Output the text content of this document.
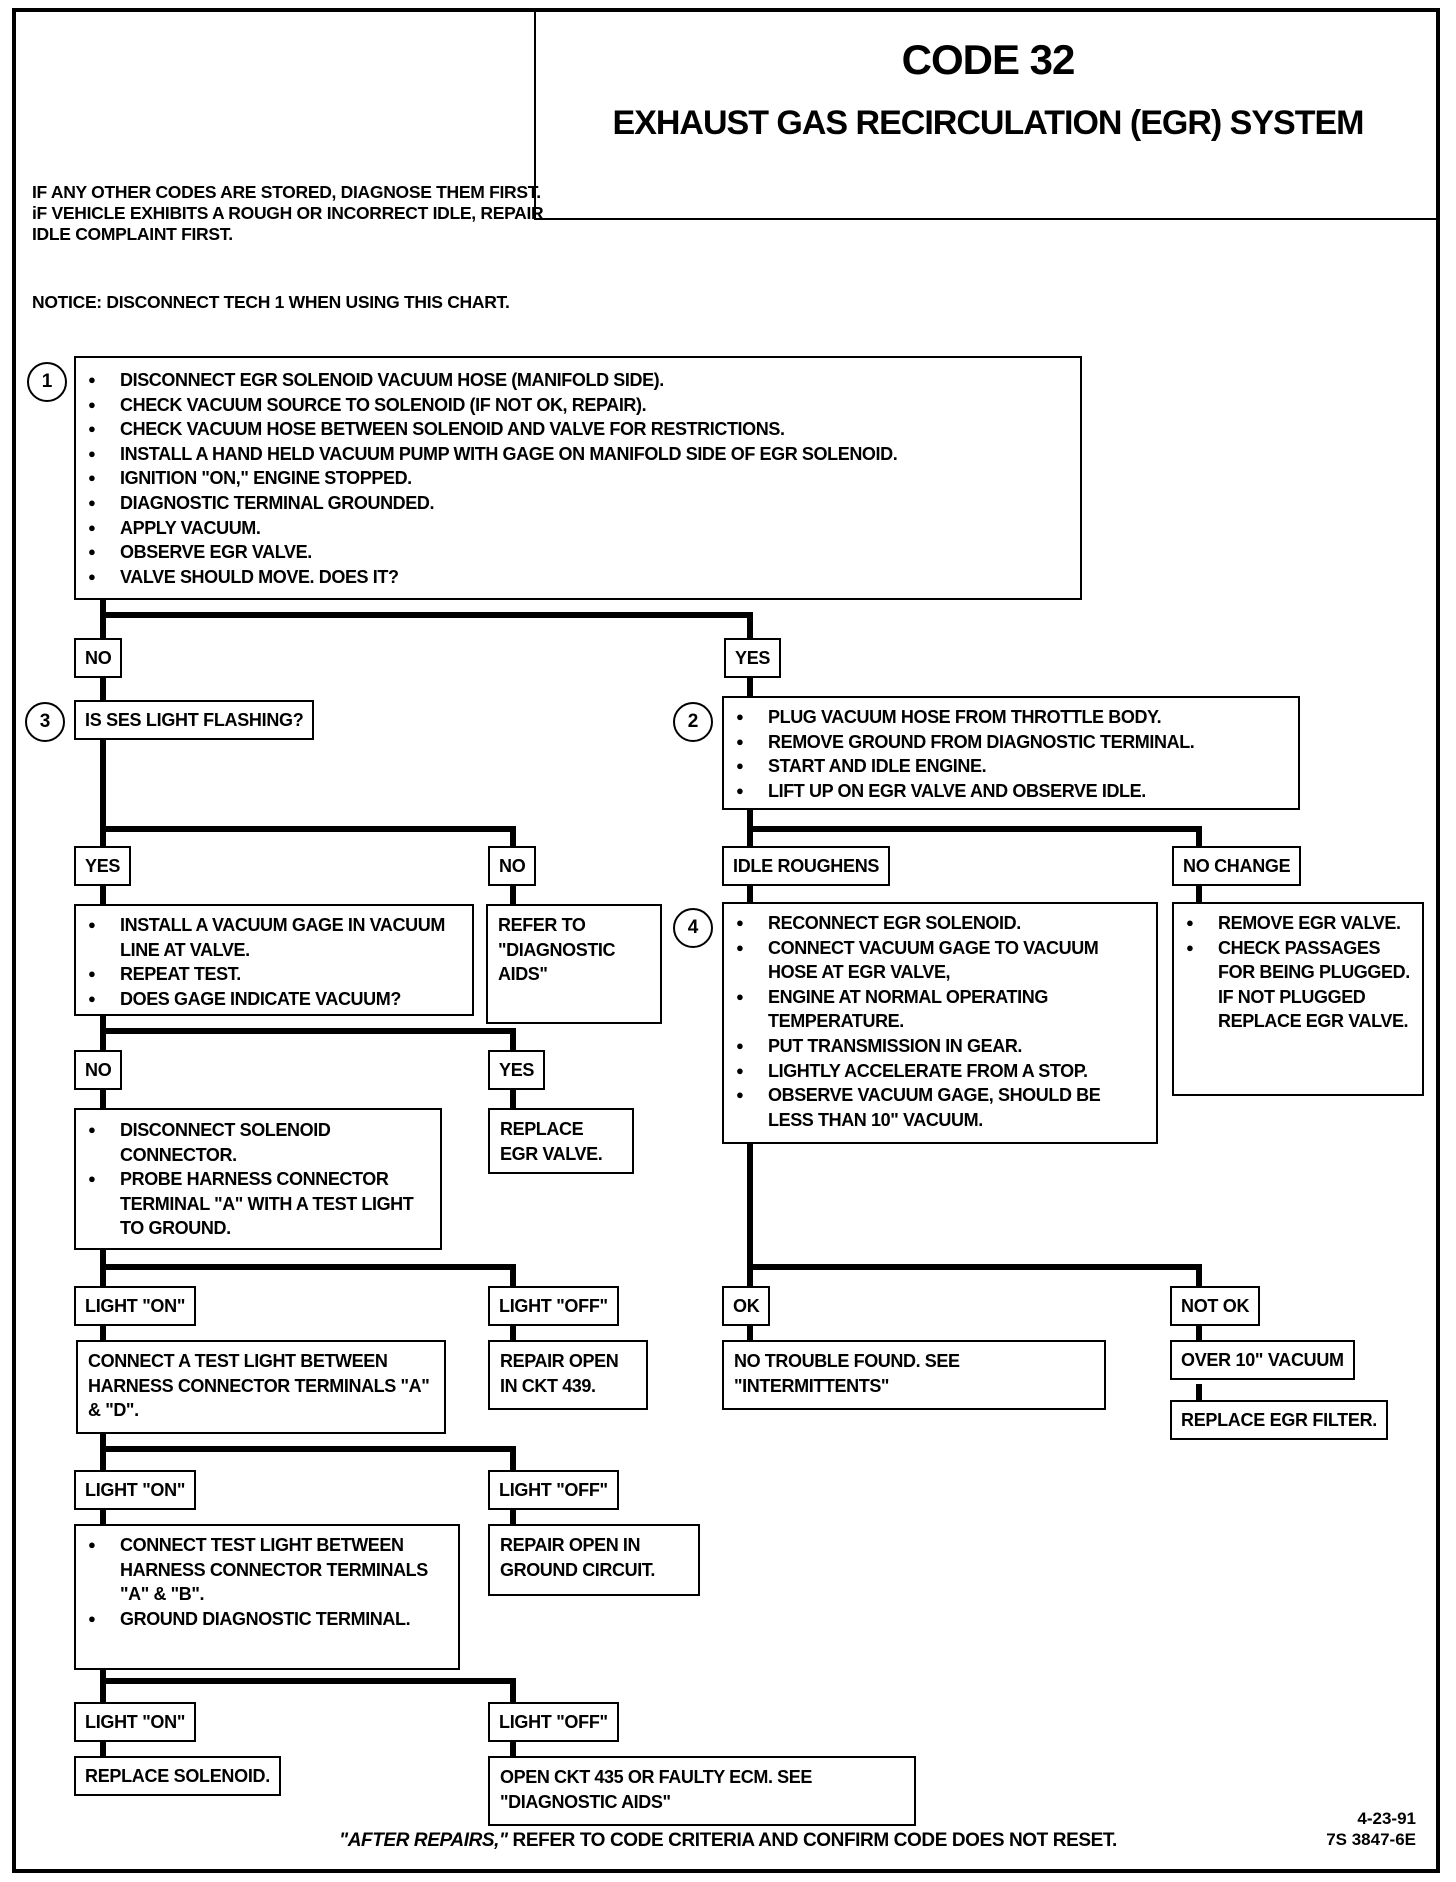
CODE 32
EXHAUST GAS RECIRCULATION (EGR) SYSTEM
IF ANY OTHER CODES ARE STORED, DIAGNOSE THEM FIRST. iF VEHICLE EXHIBITS A ROUGH OR INCORRECT IDLE, REPAIR IDLE COMPLAINT FIRST.
NOTICE: DISCONNECT TECH 1 WHEN USING THIS CHART.
1	● DISCONNECT EGR SOLENOID VACUUM HOSE (MANIFOLD SIDE).
● CHECK VACUUM SOURCE TO SOLENOID (IF NOT OK, REPAIR).
● CHECK VACUUM HOSE BETWEEN SOLENOID AND VALVE FOR RESTRICTIONS.
● INSTALL A HAND HELD VACUUM PUMP WITH GAGE ON MANIFOLD SIDE OF EGR SOLENOID.
● IGNITION "ON," ENGINE STOPPED.
● DIAGNOSTIC TERMINAL GROUNDED.
● APPLY VACUUM.
● OBSERVE EGR VALVE.
● VALVE SHOULD MOVE. DOES IT?
NO	YES
3	IS SES LIGHT FLASHING?	2	● PLUG VACUUM HOSE FROM THROTTLE BODY.
● REMOVE GROUND FROM DIAGNOSTIC TERMINAL.
● START AND IDLE ENGINE.
● LIFT UP ON EGR VALVE AND OBSERVE IDLE.
YES	NO
● INSTALL A VACUUM GAGE IN VACUUM LINE AT VALVE.
● REPEAT TEST.
● DOES GAGE INDICATE VACUUM?
REFER TO "DIAGNOSTIC AIDS"
IDLE ROUGHENS	NO CHANGE
4	● RECONNECT EGR SOLENOID.
● CONNECT VACUUM GAGE TO VACUUM HOSE AT EGR VALVE,
● ENGINE AT NORMAL OPERATING TEMPERATURE.
● PUT TRANSMISSION IN GEAR.
● LIGHTLY ACCELERATE FROM A STOP.
● OBSERVE VACUUM GAGE, SHOULD BE LESS THAN 10" VACUUM.
● REMOVE EGR VALVE.
● CHECK PASSAGES FOR BEING PLUGGED. IF NOT PLUGGED REPLACE EGR VALVE.
NO	YES
● DISCONNECT SOLENOID CONNECTOR.
● PROBE HARNESS CONNECTOR TERMINAL "A" WITH A TEST LIGHT TO GROUND.
REPLACE EGR VALVE.
LIGHT "ON"	LIGHT "OFF"
CONNECT A TEST LIGHT BETWEEN HARNESS CONNECTOR TERMINALS "A" & "D".
REPAIR OPEN IN CKT 439.
OK	NOT OK
NO TROUBLE FOUND. SEE "INTERMITTENTS"
OVER 10" VACUUM
REPLACE EGR FILTER.
LIGHT "ON"	LIGHT "OFF"
● CONNECT TEST LIGHT BETWEEN HARNESS CONNECTOR TERMINALS "A" & "B".
● GROUND DIAGNOSTIC TERMINAL.
REPAIR OPEN IN GROUND CIRCUIT.
LIGHT "ON"	LIGHT "OFF"
REPLACE SOLENOID.	OPEN CKT 435 OR FAULTY ECM. SEE "DIAGNOSTIC AIDS"
"AFTER REPAIRS," REFER TO CODE CRITERIA AND CONFIRM CODE DOES NOT RESET.
4-23-91
7S 3847-6E
